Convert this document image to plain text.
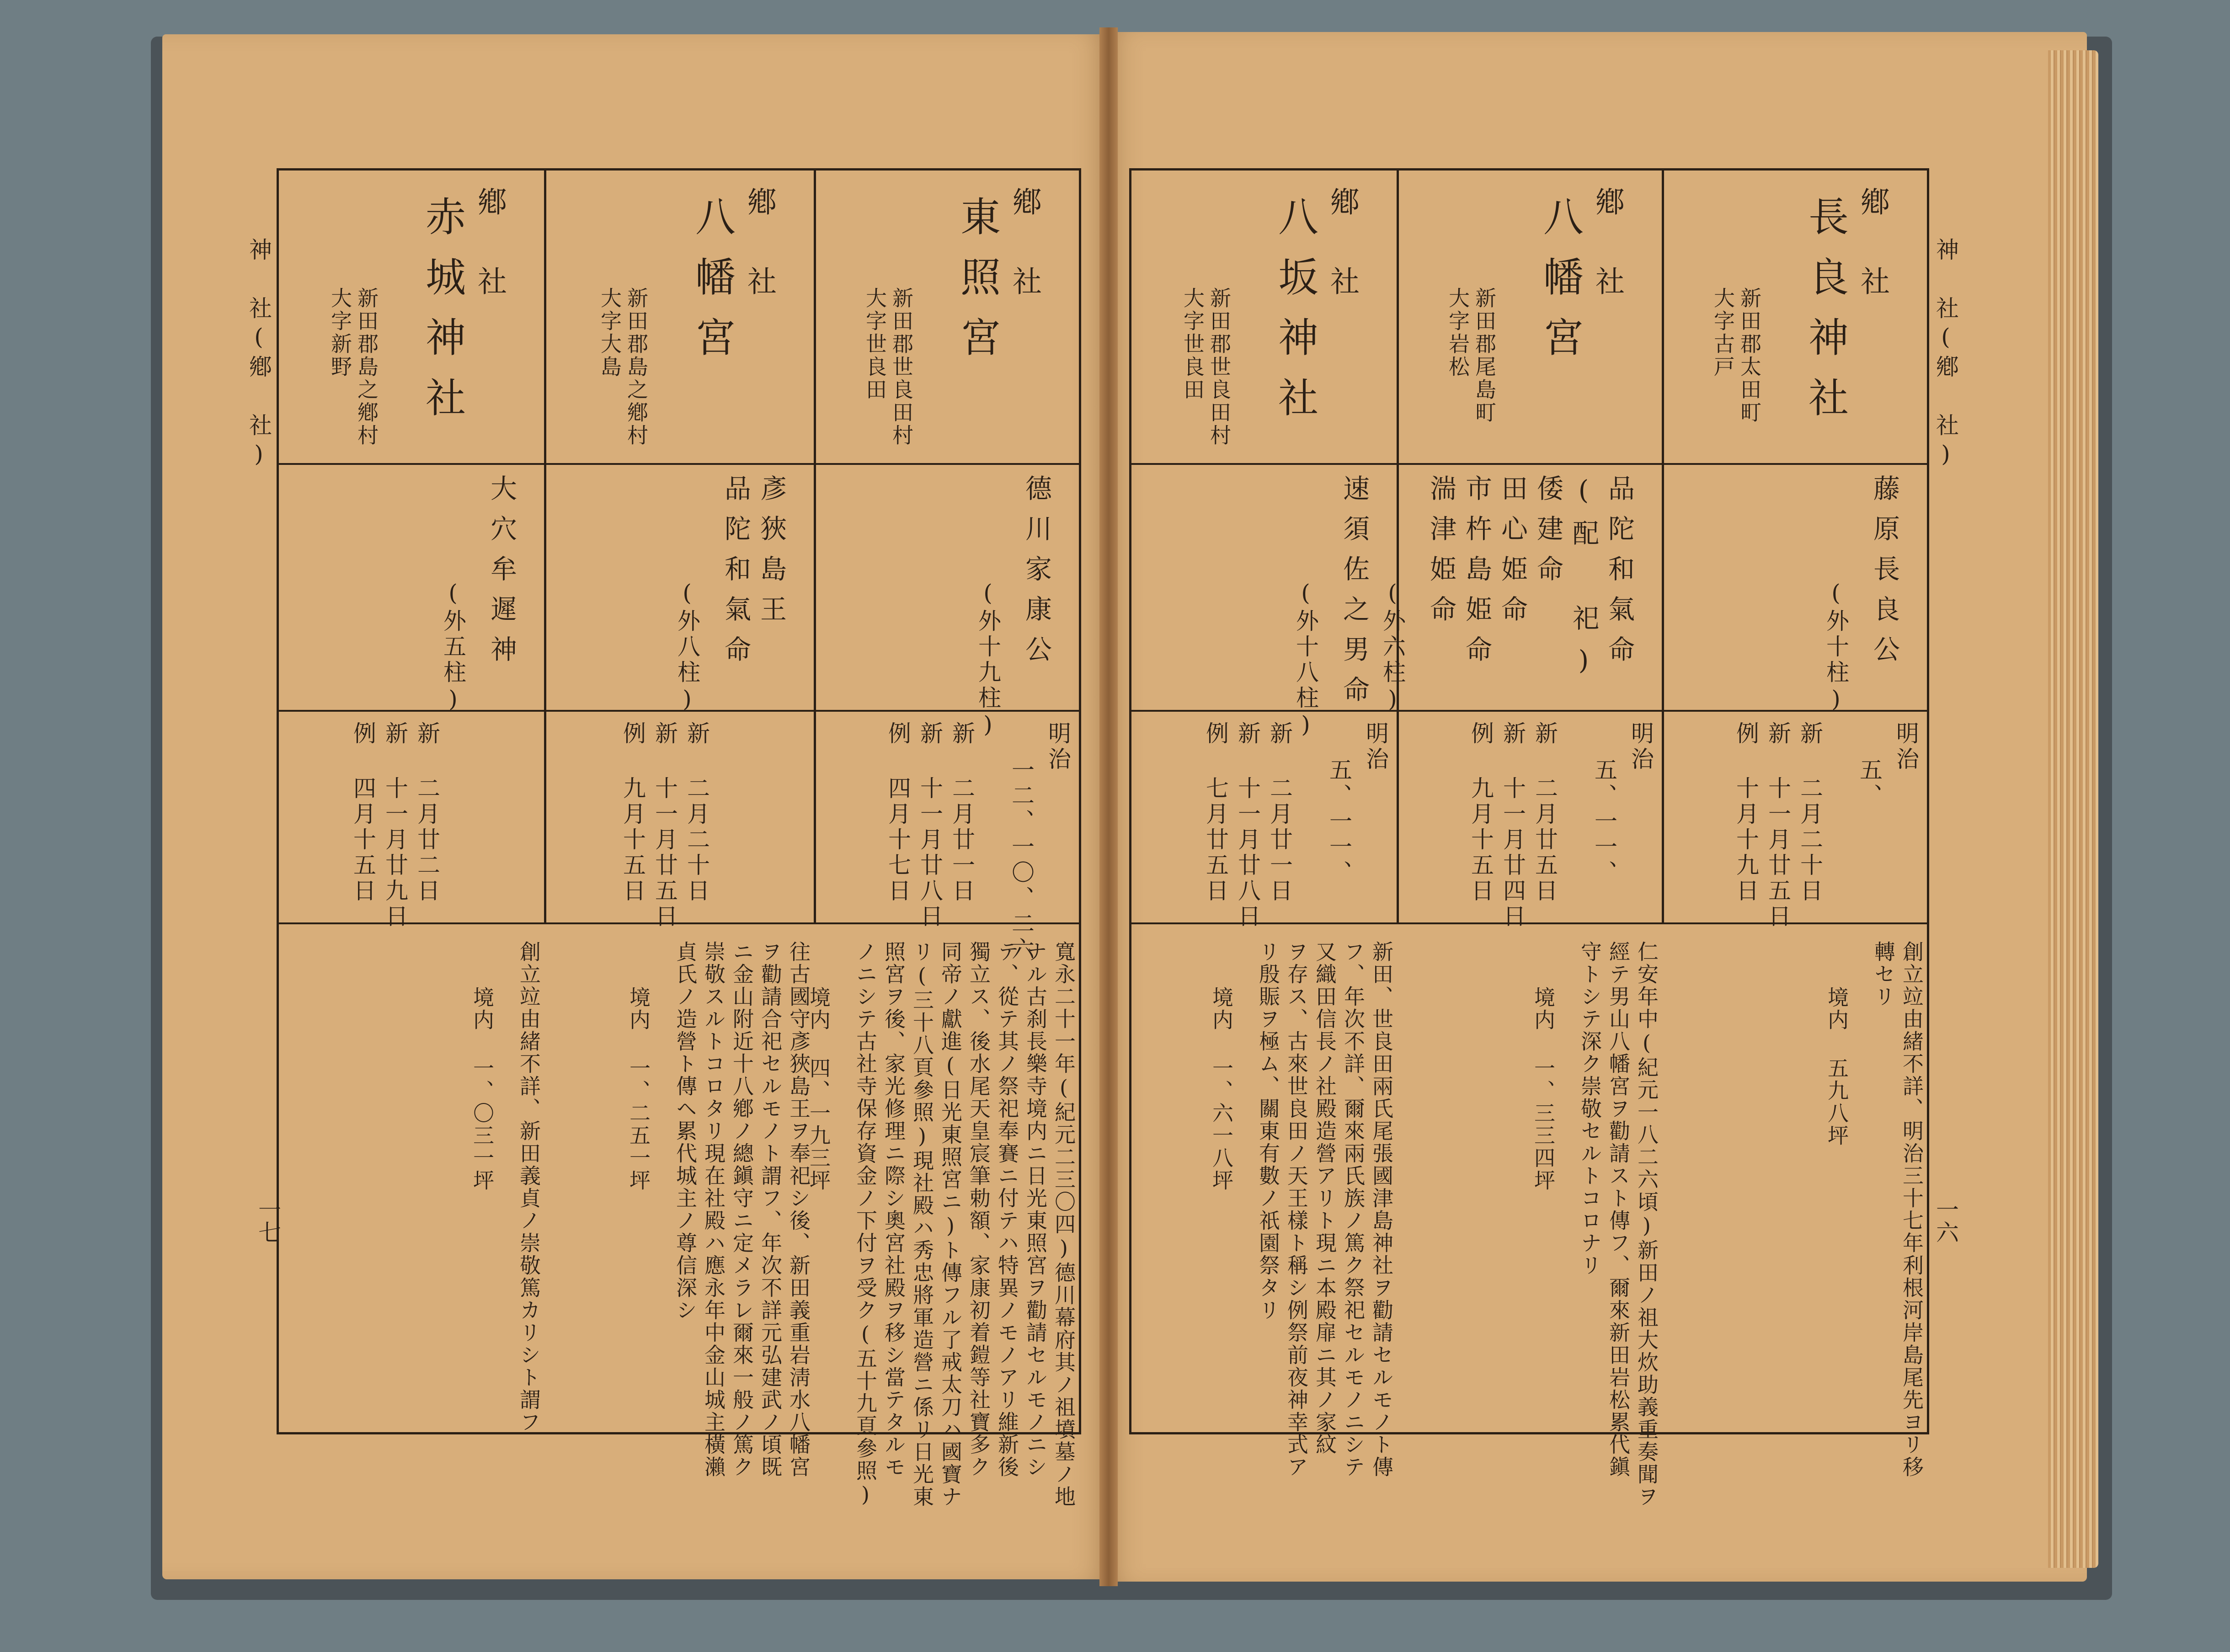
神 社(鄕 社)
一六
神 社(鄕 社)
一七
鄕 社
長良神社
新田郡太田町
大字古戸
藤原長良公
(外十柱)
明治
五、
新 二月二十日
新 十一月廿五日
例 十月十九日
創立竝由緒不詳、明治三十七年利根河岸島尾先ヨリ移
轉セリ
境内 五九八坪
鄕 社
八幡宮
新田郡尾島町
大字岩松
品陀和氣命
(配 祀)
倭建命
田心姫命
市杵島姫命
湍津姫命
(外六柱)
明治
五、一一、
新 二月廿五日
新 十一月廿四日
例 九月十五日
仁安年中(紀元一八二六頃)新田ノ祖大炊助義重奏聞ヲ
經テ男山八幡宮ヲ勸請スト傳フ、爾來新田岩松累代鎭
守トシテ深ク崇敬セルトコロナリ
境内 一、三三四坪
鄕 社
八坂神社
新田郡世良田村
大字世良田
速須佐之男命
(外十八柱)
明治
五、一一、
新 二月廿一日
新 十一月廿八日
例 七月廿五日
新田、世良田兩氏尾張國津島神社ヲ勸請セルモノト傳
フ、年次不詳、爾來兩氏族ノ篤ク祭祀セルモノニシテ
又織田信長ノ社殿造營アリト現ニ本殿扉ニ其ノ家紋
ヲ存ス、古來世良田ノ天王樣ト稱シ例祭前夜神幸式ア
リ殷賑ヲ極ム、關東有數ノ祇園祭タリ
境内 一、六一八坪
鄕 社
東照宮
新田郡世良田村
大字世良田
德川家康公
(外十九柱)
明治
一二、一〇、二六
新 二月廿一日
新 十一月廿八日
例 四月十七日
寬永二十一年(紀元二三〇四)德川幕府其ノ祖墳墓ノ地
ナル古刹長樂寺境内ニ日光東照宮ヲ勸請セルモノニシ
テ、從テ其ノ祭祀奉賽ニ付テハ特異ノモノアリ維新後
獨立ス、後水尾天皇宸筆勅額、家康初着鎧等社寶多ク
同帝ノ獻進(日光東照宮ニ)ト傳フル了戒太刀ハ國寶ナ
リ(三十八頁參照)現社殿ハ秀忠將軍造營ニ係リ日光東
照宮ヲ後、家光修理ニ際シ奧宮社殿ヲ移シ當テタルモ
ノニシテ古社寺保存資金ノ下付ヲ受ク(五十九頁參照)
境内 四、一九三坪
鄕 社
八幡宮
新田郡島之鄕村
大字大島
彥狹島王
品陀和氣命
(外八柱)
新 二月二十日
新 十一月廿五日
例 九月十五日
往古國守彥狹島王ヲ奉祀シ後、新田義重岩淸水八幡宮
ヲ勸請合祀セルモノト謂フ、年次不詳元弘建武ノ頃既
ニ金山附近十八鄕ノ總鎭守ニ定メラレ爾來一般ノ篤ク
崇敬スルトコロタリ現在社殿ハ應永年中金山城主橫瀨
貞氏ノ造營ト傳ヘ累代城主ノ尊信深シ
境内 一、二五一坪
鄕 社
赤城神社
新田郡島之鄕村
大字新野
大穴牟遲神
(外五柱)
新 二月廿二日
新 十一月廿九日
例 四月十五日
創立竝由緒不詳、新田義貞ノ崇敬篤カリシト謂フ
境内 一、〇三一坪
